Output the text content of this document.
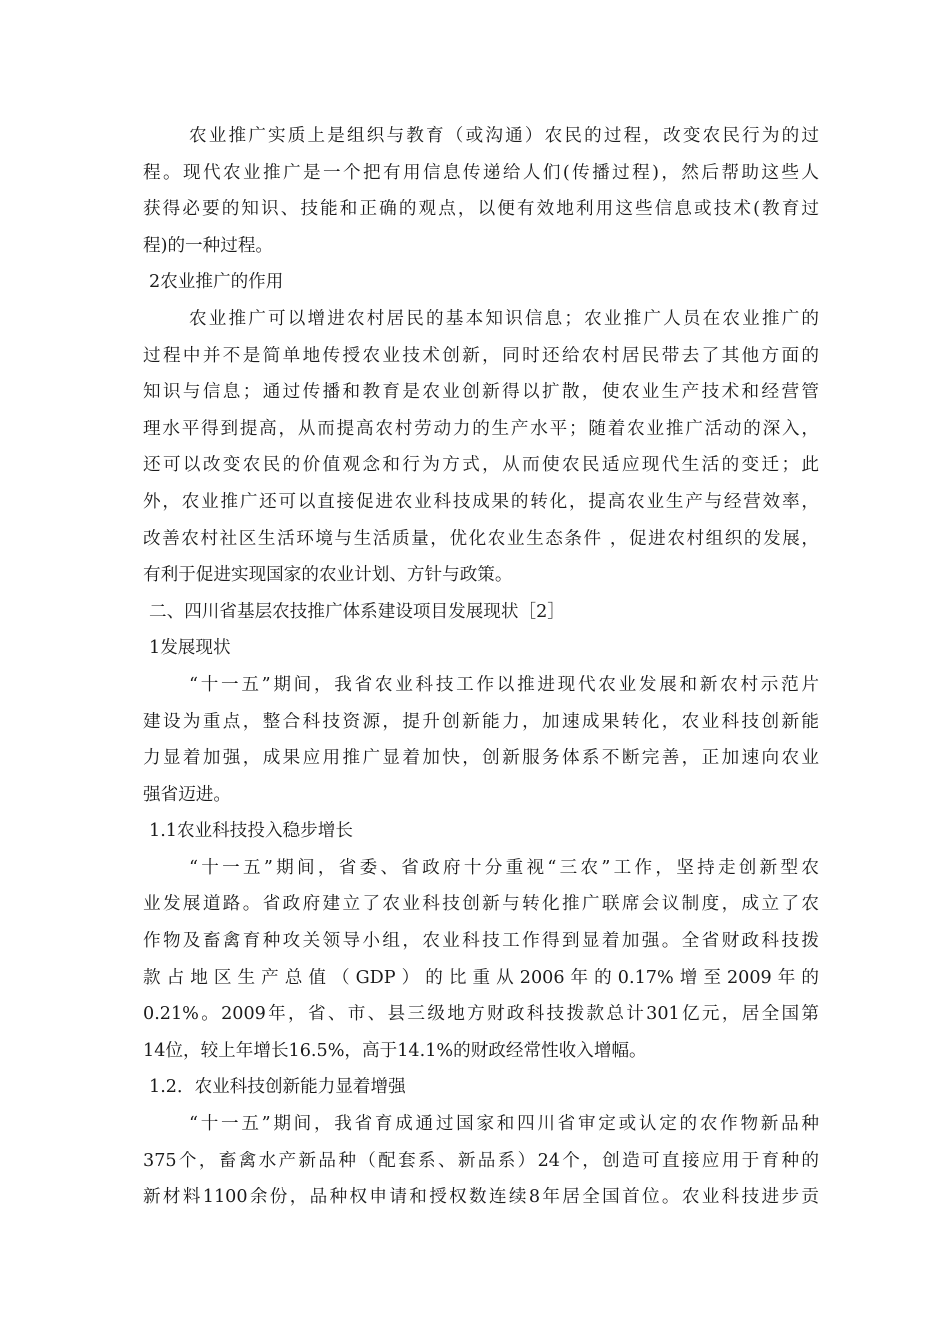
农业推广实质上是组织与教育（或沟通）农民的过程，改变农民行为的过
程。现代农业推广是一个把有用信息传递给人们(传播过程)，然后帮助这些人
获得必要的知识、技能和正确的观点，以便有效地利用这些信息或技术(教育过
程)的一种过程。
2农业推广的作用
农业推广可以增进农村居民的基本知识信息；农业推广人员在农业推广的
过程中并不是简单地传授农业技术创新，同时还给农村居民带去了其他方面的
知识与信息；通过传播和教育是农业创新得以扩散，使农业生产技术和经营管
理水平得到提高，从而提高农村劳动力的生产水平；随着农业推广活动的深入，
还可以改变农民的价值观念和行为方式，从而使农民适应现代生活的变迁；此
外，农业推广还可以直接促进农业科技成果的转化，提高农业生产与经营效率，
改善农村社区生活环境与生活质量，优化农业生态条件 ，促进农村组织的发展，
有利于促进实现国家的农业计划、方针与政策。
二、四川省基层农技推广体系建设项目发展现状［2］
1发展现状
“十一五”期间，我省农业科技工作以推进现代农业发展和新农村示范片
建设为重点，整合科技资源，提升创新能力，加速成果转化，农业科技创新能
力显着加强，成果应用推广显着加快，创新服务体系不断完善，正加速向农业
强省迈进。
1.1农业科技投入稳步增长
“十一五”期间，省委、省政府十分重视“三农”工作，坚持走创新型农
业发展道路。省政府建立了农业科技创新与转化推广联席会议制度，成立了农
作物及畜禽育种攻关领导小组，农业科技工作得到显着加强。全省财政科技拨
款占地区生产总值（GDP）的比重从2006年的0.17%增至2009年的
0.21%。2009年，省、市、县三级地方财政科技拨款总计301亿元，居全国第
14位，较上年增长16.5%，高于14.1%的财政经常性收入增幅。
1.2．农业科技创新能力显着增强
“十一五”期间，我省育成通过国家和四川省审定或认定的农作物新品种
375个，畜禽水产新品种（配套系、新品系）24个，创造可直接应用于育种的
新材料1100余份，品种权申请和授权数连续8年居全国首位。农业科技进步贡
